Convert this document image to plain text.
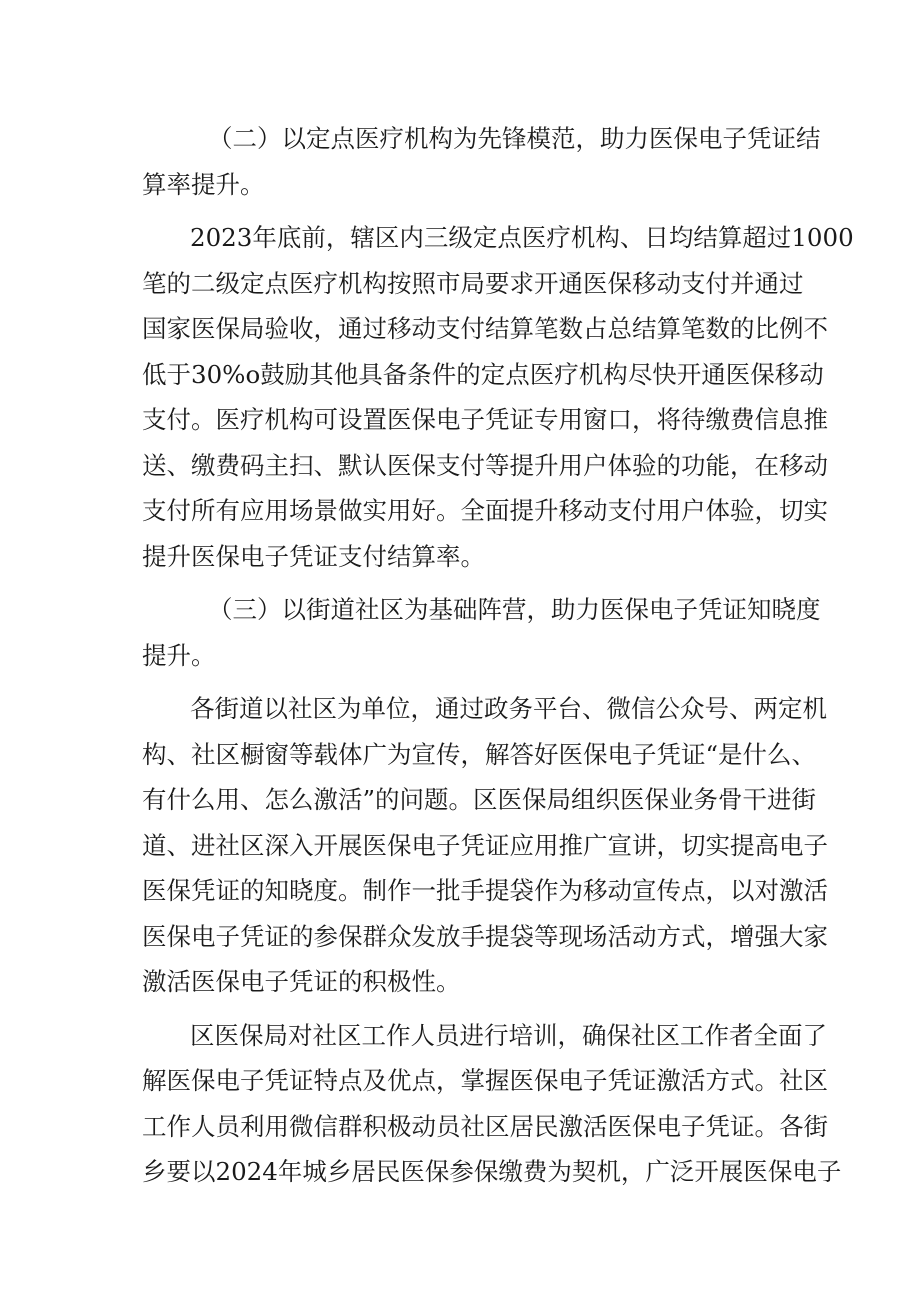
（二）以定点医疗机构为先锋模范，助力医保电子凭证结
算率提升。
2023年底前，辖区内三级定点医疗机构、日均结算超过1000
笔的二级定点医疗机构按照市局要求开通医保移动支付并通过
国家医保局验收，通过移动支付结算笔数占总结算笔数的比例不
低于30%o鼓励其他具备条件的定点医疗机构尽快开通医保移动
支付。医疗机构可设置医保电子凭证专用窗口，将待缴费信息推
送、缴费码主扫、默认医保支付等提升用户体验的功能，在移动
支付所有应用场景做实用好。全面提升移动支付用户体验，切实
提升医保电子凭证支付结算率。
（三）以街道社区为基础阵营，助力医保电子凭证知晓度
提升。
各街道以社区为单位，通过政务平台、微信公众号、两定机
构、社区橱窗等载体广为宣传，解答好医保电子凭证“是什么、
有什么用、怎么激活”的问题。区医保局组织医保业务骨干进街
道、进社区深入开展医保电子凭证应用推广宣讲，切实提高电子
医保凭证的知晓度。制作一批手提袋作为移动宣传点，以对激活
医保电子凭证的参保群众发放手提袋等现场活动方式，增强大家
激活医保电子凭证的积极性。
区医保局对社区工作人员进行培训，确保社区工作者全面了
解医保电子凭证特点及优点，掌握医保电子凭证激活方式。社区
工作人员利用微信群积极动员社区居民激活医保电子凭证。各街
乡要以2024年城乡居民医保参保缴费为契机，广泛开展医保电子
